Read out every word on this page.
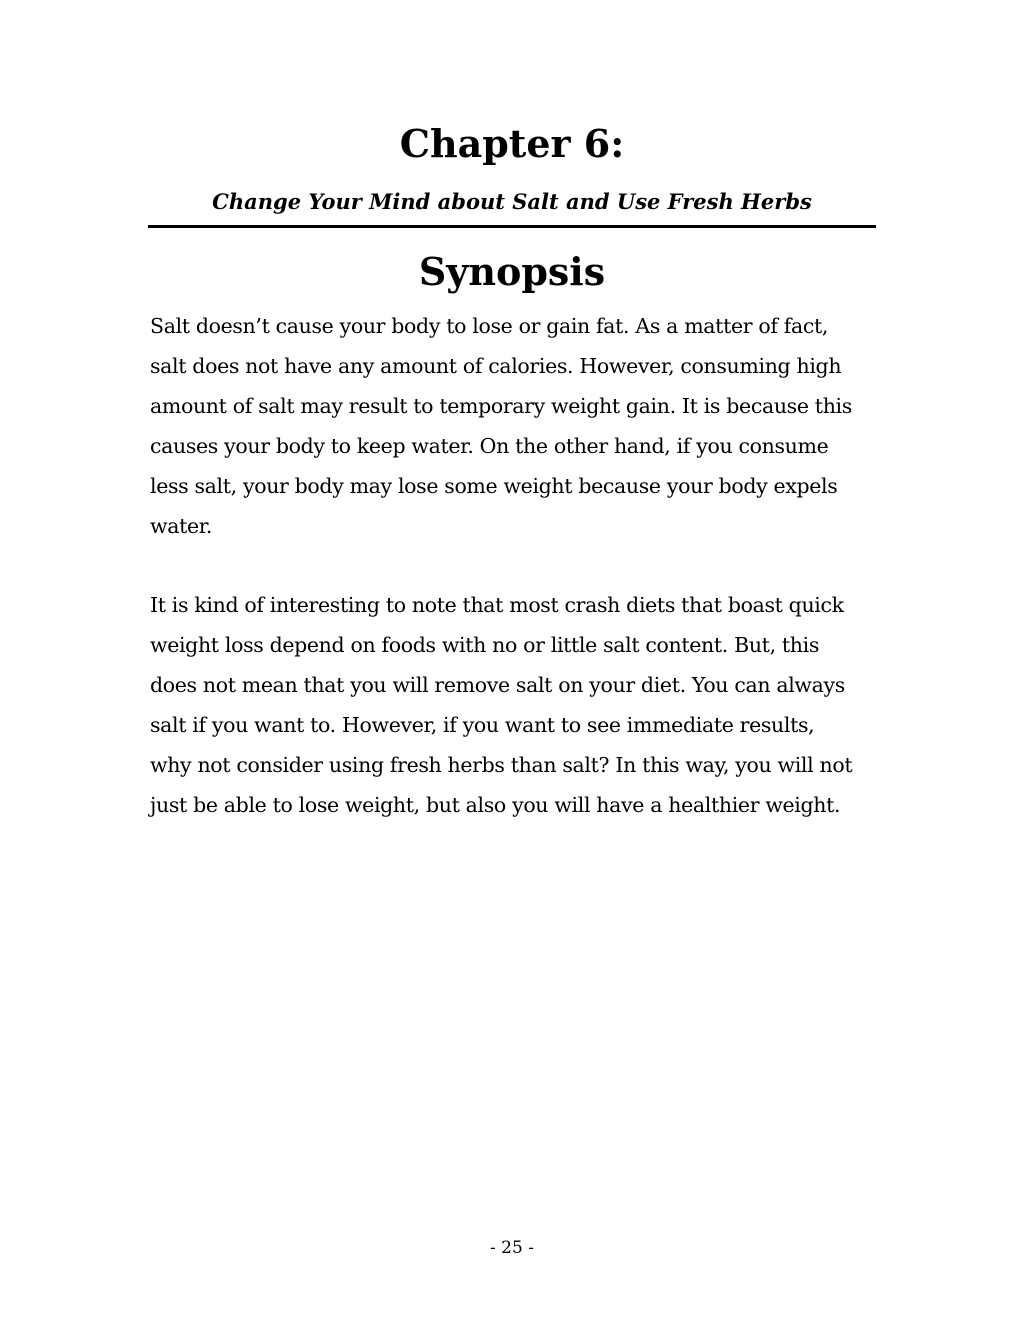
Chapter 6:
Change Your Mind about Salt and Use Fresh Herbs
Synopsis

Salt doesn’t cause your body to lose or gain fat. As a matter of fact,
salt does not have any amount of calories. However, consuming high
amount of salt may result to temporary weight gain. It is because this
causes your body to keep water. On the other hand, if you consume
less salt, your body may lose some weight because your body expels
water.

It is kind of interesting to note that most crash diets that boast quick
weight loss depend on foods with no or little salt content. But, this
does not mean that you will remove salt on your diet. You can always
salt if you want to. However, if you want to see immediate results,
why not consider using fresh herbs than salt? In this way, you will not
just be able to lose weight, but also you will have a healthier weight.

- 25 -
